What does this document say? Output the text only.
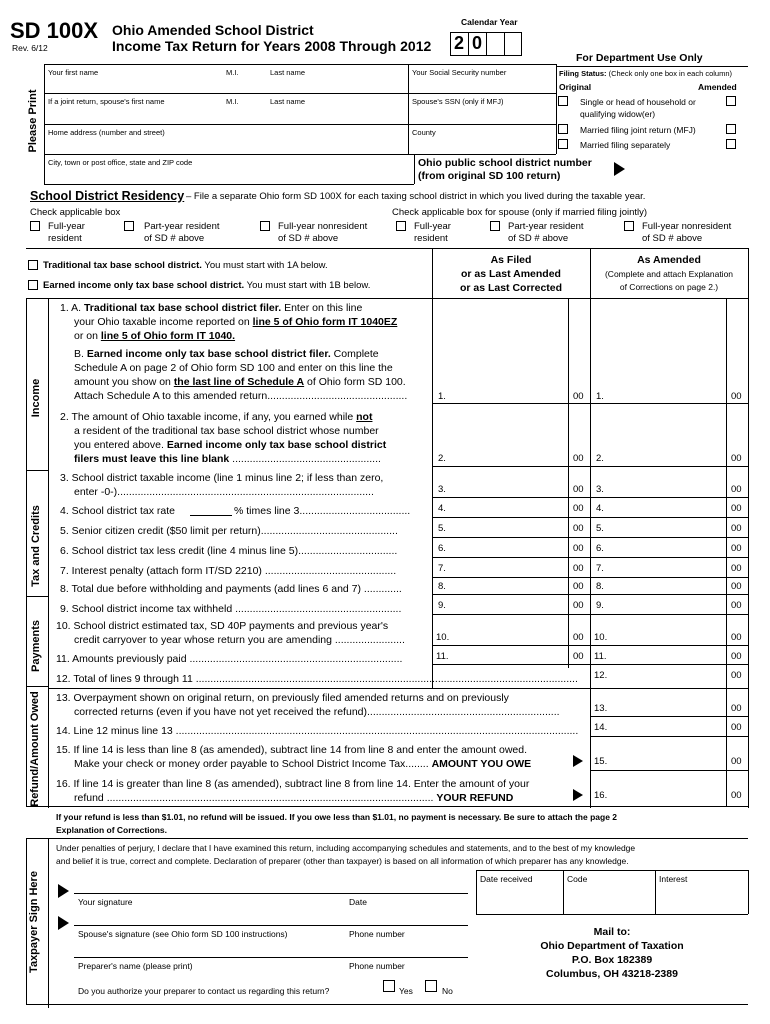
SD 100X
Rev. 6/12
Ohio Amended School District
Income Tax Return for Years 2008 Through 2012
Calendar Year
2 0
For Department Use Only
Please Print
Your first name	M.I.	Last name	Your Social Security number
If a joint return, spouse's first name	M.I.	Last name	Spouse's SSN (only if MFJ)
Home address (number and street)	County
City, town or post office, state and ZIP code	Ohio public school district number
(from original SD 100 return)
Filing Status: (Check only one box in each column)
Original	Amended
Single or head of household or
qualifying widow(er)
Married filing joint return (MFJ)
Married filing separately
School District Residency – File a separate Ohio form SD 100X for each taxing school district in which you lived during the taxable year.
Check applicable box	Check applicable box for spouse (only if married filing jointly)
Full-year
resident
Part-year resident
of SD # above
Full-year nonresident
of SD # above
Full-year
resident
Part-year resident
of SD # above
Full-year nonresident
of SD # above
Traditional tax base school district. You must start with 1A below.
Earned income only tax base school district. You must start with 1B below.
As Filed
or as Last Amended
or as Last Corrected
As Amended
(Complete and attach Explanation
of Corrections on page 2.)
Income
Tax and Credits
Payments
Refund/Amount Owed
Taxpayer Sign Here
1. A. Traditional tax base school district filer. Enter on this line
your Ohio taxable income reported on line 5 of Ohio form IT 1040EZ
or on line 5 of Ohio form IT 1040.
B. Earned income only tax base school district filer. Complete
Schedule A on page 2 of Ohio form SD 100 and enter on this line the
amount you show on the last line of Schedule A of Ohio form SD 100.
Attach Schedule A to this amended return................................................	1.	00 1.	00
2. The amount of Ohio taxable income, if any, you earned while not
a resident of the traditional tax base school district whose number
you entered above. Earned income only tax base school district
filers must leave this line blank ...................................................	2.	00 2.	00
3. School district taxable income (line 1 minus line 2; if less than zero,
enter -0-)........................................................................................	3.	00 3.	00
4. School district tax rate	% times line 3......................................	4.	00 4.	00
5. Senior citizen credit ($50 limit per return)...............................................	5.	00 5.	00
6. School district tax less credit (line 4 minus line 5)..................................	6.	00 6.	00
7. Interest penalty (attach form IT/SD 2210) .............................................	7.	00 7.	00
8. Total due before withholding and payments (add lines 6 and 7) .............	8.	00 8.	00
9. School district income tax withheld .........................................................	9.	00 9.	00
10. School district estimated tax, SD 40P payments and previous year's
credit carryover to year whose return you are amending ........................	10.	00 10.	00
11. Amounts previously paid .........................................................................	11.	00 11.	00
12. Total of lines 9 through 11 ................................................................................................................................... 12.	00
13. Overpayment shown on original return, on previously filed amended returns and on previously
corrected returns (even if you have not yet received the refund)..................................................................	13.	00
14. Line 12 minus line 13 .......................................................................................................................................... 14.	00
15. If line 14 is less than line 8 (as amended), subtract line 14 from line 8 and enter the amount owed.
Make your check or money order payable to School District Income Tax........ AMOUNT YOU OWE	15.	00
16. If line 14 is greater than line 8 (as amended), subtract line 8 from line 14. Enter the amount of your
refund ................................................................................................................ YOUR REFUND	16.	00
If your refund is less than $1.01, no refund will be issued. If you owe less than $1.01, no payment is necessary. Be sure to attach the page 2
Explanation of Corrections.
Under penalties of perjury, I declare that I have examined this return, including accompanying schedules and statements, and to the best of my knowledge
and belief it is true, correct and complete. Declaration of preparer (other than taxpayer) is based on all information of which preparer has any knowledge.
Date received	Code	Interest
Your signature	Date
Spouse's signature (see Ohio form SD 100 instructions)	Phone number
Preparer's name (please print)	Phone number
Do you authorize your preparer to contact us regarding this return?	Yes	No
Mail to:
Ohio Department of Taxation
P.O. Box 182389
Columbus, OH 43218-2389
